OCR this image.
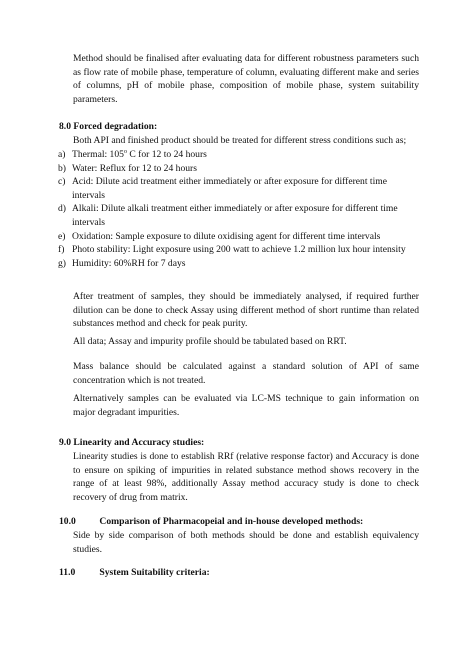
Method should be finalised after evaluating data for different robustness parameters such as flow rate of mobile phase, temperature of column, evaluating different make and series of columns, pH of mobile phase, composition of mobile phase, system suitability parameters.

8.0 Forced degradation:

Both API and finished product should be treated for different stress conditions such as;

a) Thermal: 105$^o$ C for 12 to 24 hours
b) Water: Reflux for 12 to 24 hours
c) Acid: Dilute acid treatment either immediately or after exposure for different time intervals
d) Alkali: Dilute alkali treatment either immediately or after exposure for different time intervals
e) Oxidation: Sample exposure to dilute oxidising agent for different time intervals
f) Photo stability: Light exposure using 200 watt to achieve 1.2 million lux hour intensity
g) Humidity: 60%RH for 7 days

After treatment of samples, they should be immediately analysed, if required further dilution can be done to check Assay using different method of short runtime than related substances method and check for peak purity.

All data; Assay and impurity profile should be tabulated based on RRT.

Mass balance should be calculated against a standard solution of API of same concentration which is not treated.

Alternatively samples can be evaluated via LC-MS technique to gain information on major degradant impurities.

9.0 Linearity and Accuracy studies:

Linearity studies is done to establish RRf (relative response factor) and Accuracy is done to ensure on spiking of impurities in related substance method shows recovery in the range of at least 98%, additionally Assay method accuracy study is done to check recovery of drug from matrix.

10.0 Comparison of Pharmacopeial and in-house developed methods:

Side by side comparison of both methods should be done and establish equivalency studies.

11.0	System Suitability criteria:
